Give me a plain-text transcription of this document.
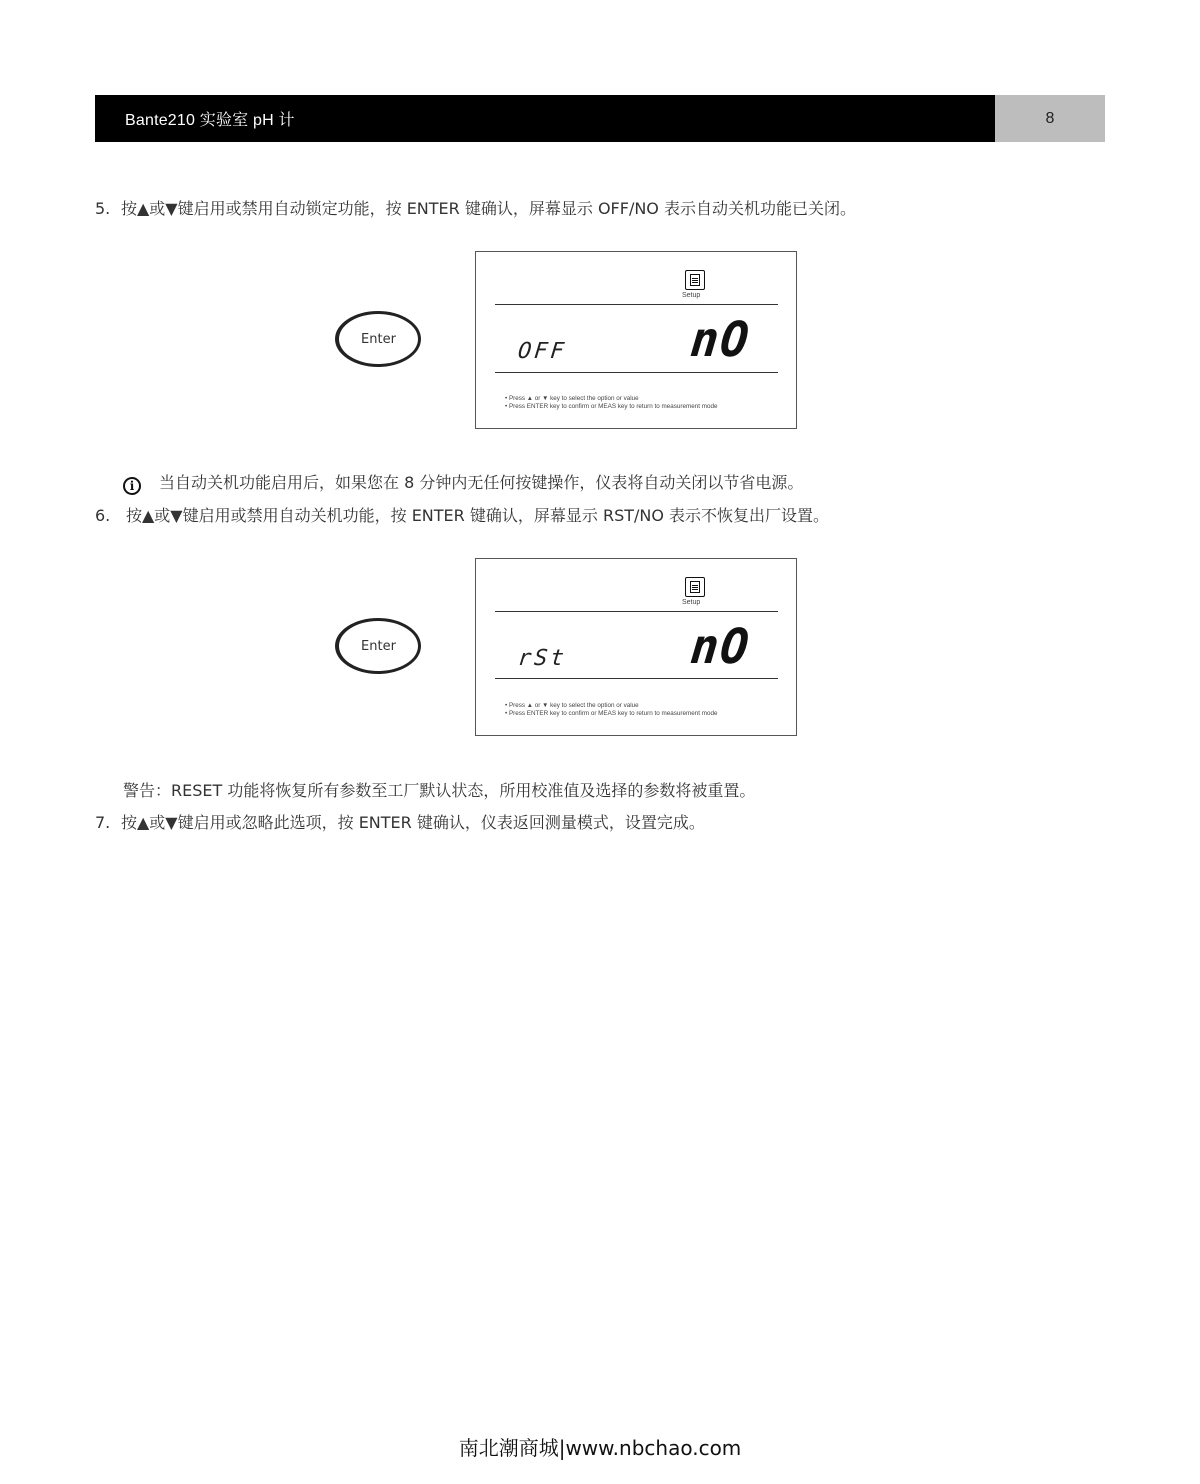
Bante210 实验室 pH 计	8
5. 按▲或▼键启用或禁用自动锁定功能，按 ENTER 键确认，屏幕显示 OFF/NO 表示自动关机功能已关闭。
Enter
Setup
OFF	nO
• Press ▲ or ▼ key to select the option or value
• Press ENTER key to confirm or MEAS key to return to measurement mode
i 当自动关机功能启用后，如果您在 8 分钟内无任何按键操作，仪表将自动关闭以节省电源。
6. 按▲或▼键启用或禁用自动关机功能，按 ENTER 键确认，屏幕显示 RST/NO 表示不恢复出厂设置。
Enter
Setup
rSt	nO
• Press ▲ or ▼ key to select the option or value
• Press ENTER key to confirm or MEAS key to return to measurement mode
警告：RESET 功能将恢复所有参数至工厂默认状态，所用校准值及选择的参数将被重置。
7. 按▲或▼键启用或忽略此选项，按 ENTER 键确认，仪表返回测量模式，设置完成。
南北潮商城|www.nbchao.com
